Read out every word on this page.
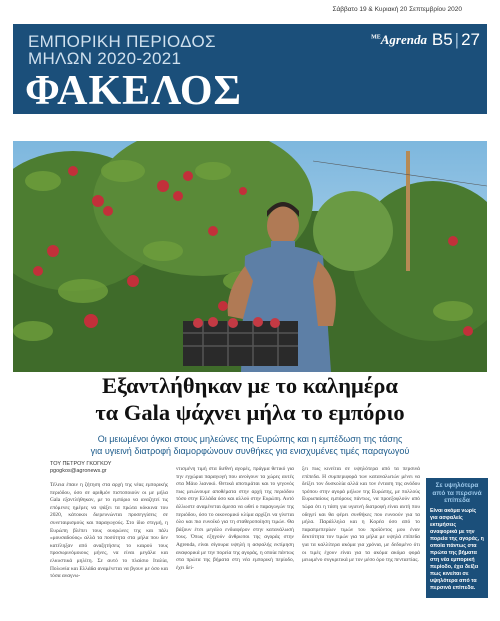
Σάββατο 19 & Κυριακή 20 Σεπτεμβρίου 2020
ΕΜΠΟΡΙΚΗ ΠΕΡΙΟΔΟΣ
ΜΗΛΩΝ 2020-2021
ΦΑΚΕΛΟΣ
$^{ME}$Agrenda B5 | 27
Εξαντλήθηκαν με το καλημέρα
τα Gala ψάχνει μήλα το εμπόριο
Οι μειωμένοι όγκοι στους μηλεώνες της Ευρώπης και η εμπέδωση της τάσης
για υγιεινή διατροφή διαμορφώνουν συνθήκες για ενισχυμένες τιμές παραγωγού
ΤΟΥ ΠΕΤΡΟΥ ΓΚΟΓΚΟΥ
pgogkos@agronews.gr
Τέλεια έπαιν η ζήτηση στα αρχή της νέας εμπορικής περιόδου, όσο σε αριθμόν πιστοποιούν οι με μήλα Gala εξαντλήθηκαν, με το εμπόριο να αναζητεί τις επόμενες ημέρες να ψάξει τα πρώτα κόκκινα του 2020, κάτοικοι διερευνώνται προσεγγίσεις σε συνεταιρισμούς και παραγωγούς. Στο ίδιο στιγμή, η Ευρώπη βλέπει τους ουορώνες της και πάλι «μουσαδούος» αλλά τα ποσότητα στα μήλα που δεν κατέληξαν από αναζητήσεις το καιρού τους προσωρινόμοιους μήνες, να είναι μεγάλα και ελκυστικά μηλίτη. Σε αυτό το πλαίσιο Ιταλία, Πολωνία και Ελλάδα αναμένεται να βγουν με όσο και τόσα αναγνω-
ντισμένη τιμή στα διεθνή αγορές, πράγμα θετικό για την εγχώρια παραγωγή που ανοίγουν τα χώρες αυτές στα Μάιο λιανικό. Θετικά αποτιμάται και το γεγονός πως μειώνουμε αποθέματα στην αρχή της περιόδου τόσο στην Ελλάδα όσο και αλλού στην Ευρώπη. Αυτό άλλωστε αναμένεται άμεσα να ωθεί ο παραγωγών της περιόδου, όσο το οικονομικό κλίμα αρχίζει να γίνεται όλο και πιο ευνοϊκό για τη σταθεροποίηση τιμών. Θα βάζουν έτσι μεγάλο ενδιαφέρον στην κατανάλωσή τους. Όπως εξηγούν άνθρωποι της αγοράς στην Agrenda, είναι σίγουρα υψηλή η ασφαλής εκτίμηση αναφορικά με την πορεία της αγοράς, η οποία πάντως στα πρώτα της βήματα στη νέα εμπορική περίοδο, έχει δεί-
ξει πως κινείται σε υψηλότερα από τα περσινά επίπεδα. Η συμπεριφορά των καταναλωτών μένει να δείξει τον δυσκολία αλλά και τον ένταση της ανόδου τρόπου στην αγορά μήλων της Ευρώπης, με πολλούς Ευρωπαίους εμπόρους πάντως, να προεξοφλούν από τώρα ότι η τάση για υγιεινή διατροφή είναι αυτή που οδηγεί και θα φέρει συνθήκες που ευνοούν για τα μήλα. Παράλληλα και η Κορέα όσο από το παραπρεπερίων τιμών του προϊόντος μου έναν δεκτότητα τον τιμών για τα μήλα με υψηλά επίπεδα για τα καλλίτερα ακόμα για χρόνια, με δεδομένο ότι οι τιμές έχουν είναι για τα ακόμα ακόμα φορά μειωμένο συγκριτικά με τον μέσο όρο της πενταετίας.
Σε υψηλότερα από τα περσινά επίπεδα
Είναι ακόμα νωρίς για ασφαλείς εκτιμήσεις αναφορικά με την πορεία της αγοράς, η οποία πάντως στα πρώτα της βήματα στη νέα εμπορική περίοδο, έχει δείξει πως κινείται σε υψηλότερα από τα περσινά επίπεδα.
